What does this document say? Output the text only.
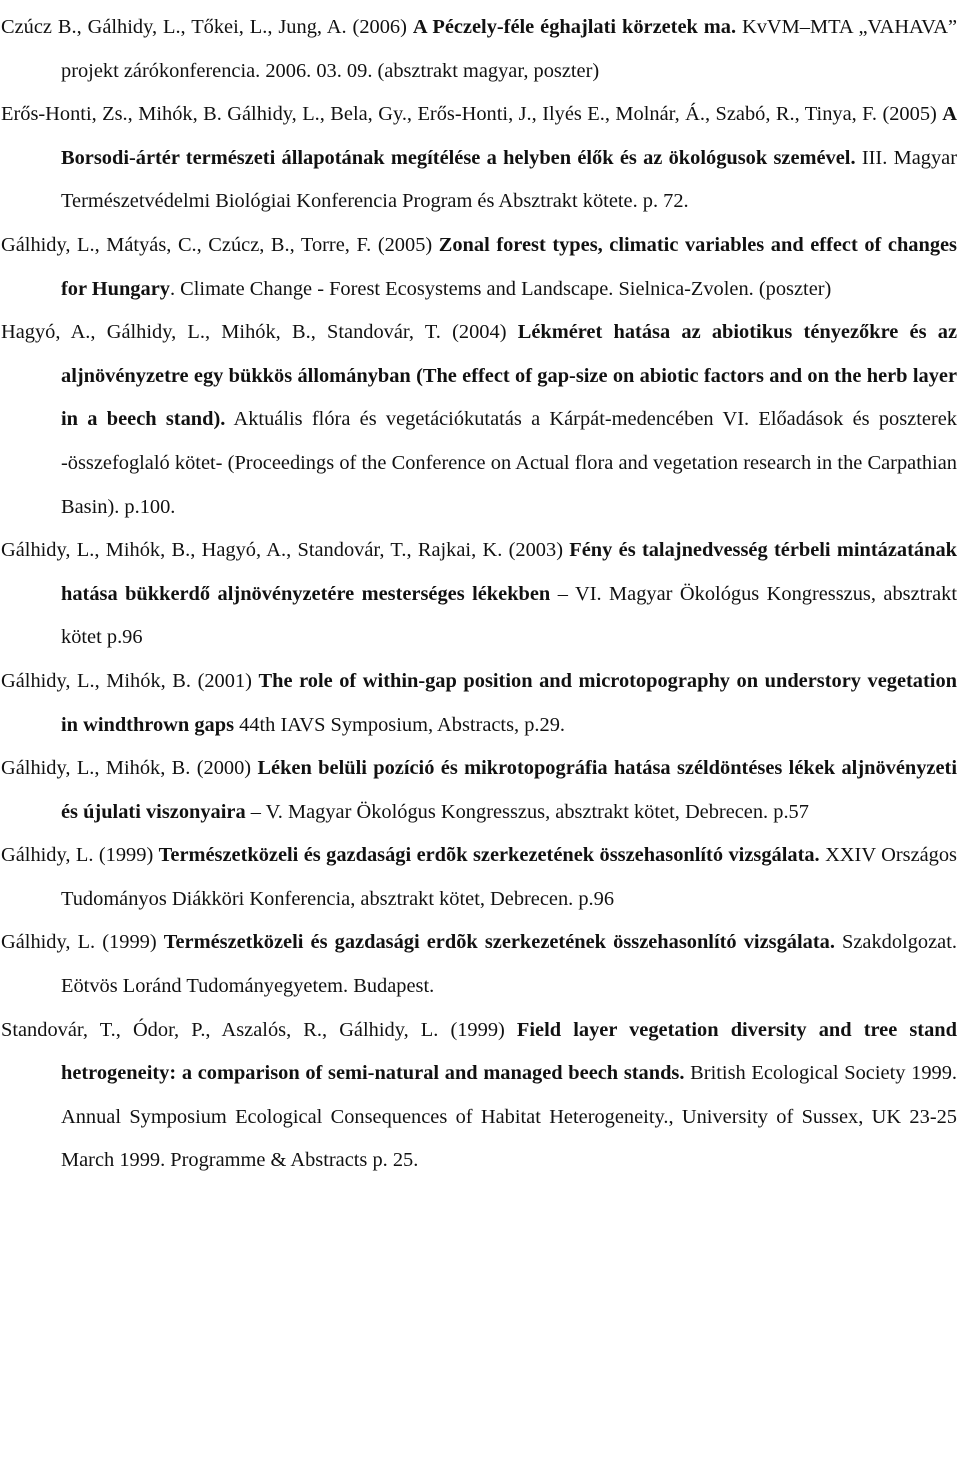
Czúcz B., Gálhidy, L., Tőkei, L., Jung, A. (2006) A Péczely-féle éghajlati körzetek ma. KvVM–MTA „VAHAVA” projekt zárókonferencia. 2006. 03. 09. (absztrakt magyar, poszter)
Erős-Honti, Zs., Mihók, B. Gálhidy, L., Bela, Gy., Erős-Honti, J., Ilyés E., Molnár, Á., Szabó, R., Tinya, F. (2005) A Borsodi-ártér természeti állapotának megítélése a helyben élők és az ökológusok szemével. III. Magyar Természetvédelmi Biológiai Konferencia Program és Absztrakt kötete. p. 72.
Gálhidy, L., Mátyás, C., Czúcz, B., Torre, F. (2005) Zonal forest types, climatic variables and effect of changes for Hungary. Climate Change - Forest Ecosystems and Landscape. Sielnica-Zvolen. (poszter)
Hagyó, A., Gálhidy, L., Mihók, B., Standovár, T. (2004) Lékméret hatása az abiotikus tényezőkre és az aljnövényzetre egy bükkös állományban (The effect of gap-size on abiotic factors and on the herb layer in a beech stand). Aktuális flóra és vegetációkutatás a Kárpát-medencében VI. Előadások és poszterek -összefoglaló kötet- (Proceedings of the Conference on Actual flora and vegetation research in the Carpathian Basin). p.100.
Gálhidy, L., Mihók, B., Hagyó, A., Standovár, T., Rajkai, K. (2003) Fény és talajnedvesség térbeli mintázatának hatása bükkerdő aljnövényzetére mesterséges lékekben – VI. Magyar Ökológus Kongresszus, absztrakt kötet p.96
Gálhidy, L., Mihók, B. (2001) The role of within-gap position and microtopography on understory vegetation in windthrown gaps 44th IAVS Symposium, Abstracts, p.29.
Gálhidy, L., Mihók, B. (2000) Léken belüli pozíció és mikrotopográfia hatása széldöntéses lékek aljnövényzeti és újulati viszonyaira – V. Magyar Ökológus Kongresszus, absztrakt kötet, Debrecen. p.57
Gálhidy, L. (1999) Természetközeli és gazdasági erdõk szerkezetének összehasonlító vizsgálata. XXIV Országos Tudományos Diákköri Konferencia, absztrakt kötet, Debrecen. p.96
Gálhidy, L. (1999) Természetközeli és gazdasági erdõk szerkezetének összehasonlító vizsgálata. Szakdolgozat. Eötvös Loránd Tudományegyetem. Budapest.
Standovár, T., Ódor, P., Aszalós, R., Gálhidy, L. (1999) Field layer vegetation diversity and tree stand hetrogeneity: a comparison of semi-natural and managed beech stands. British Ecological Society 1999. Annual Symposium Ecological Consequences of Habitat Heterogeneity., University of Sussex, UK 23-25 March 1999. Programme & Abstracts p. 25.
